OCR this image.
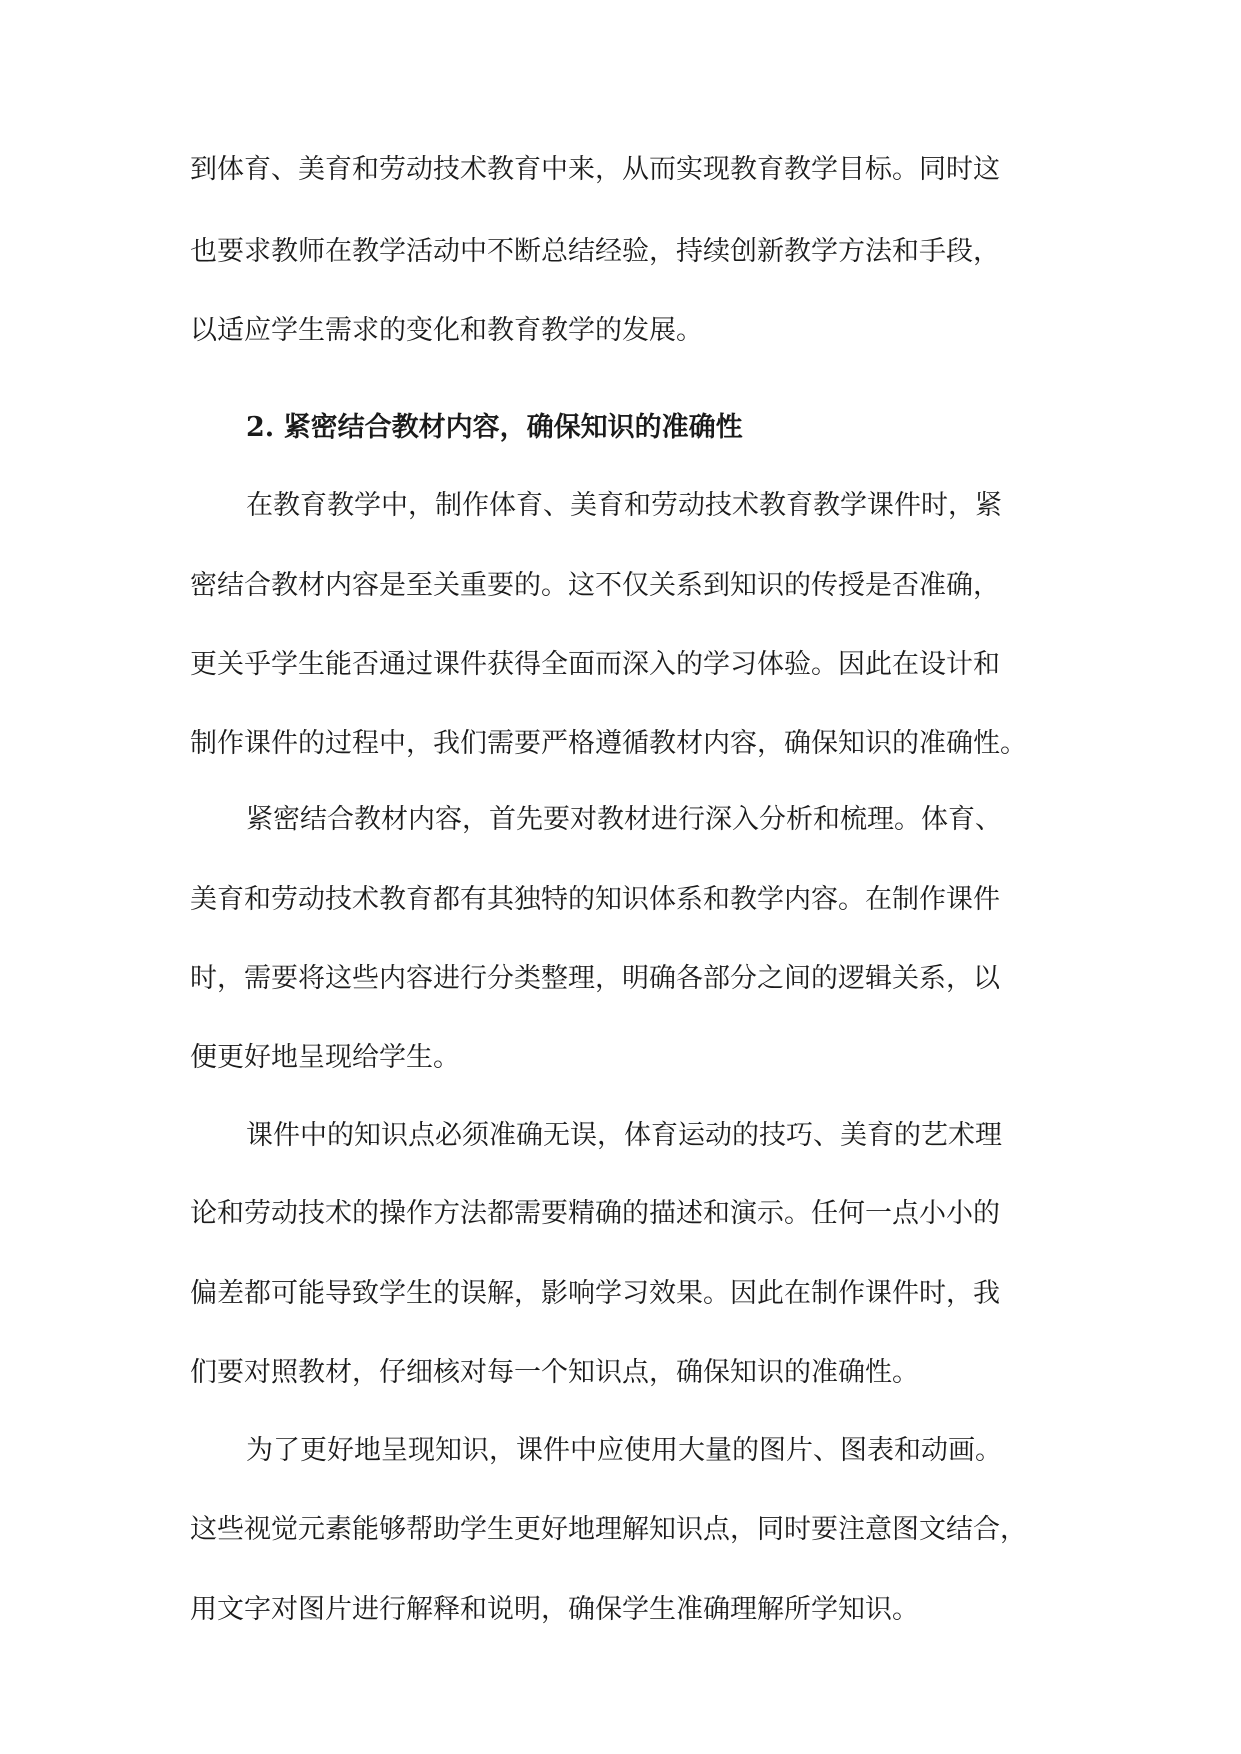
到体育、美育和劳动技术教育中来，从而实现教育教学目标。同时这
也要求教师在教学活动中不断总结经验，持续创新教学方法和手段，
以适应学生需求的变化和教育教学的发展。
2. 紧密结合教材内容，确保知识的准确性
在教育教学中，制作体育、美育和劳动技术教育教学课件时，紧
密结合教材内容是至关重要的。这不仅关系到知识的传授是否准确，
更关乎学生能否通过课件获得全面而深入的学习体验。因此在设计和
制作课件的过程中，我们需要严格遵循教材内容，确保知识的准确性。
紧密结合教材内容，首先要对教材进行深入分析和梳理。体育、
美育和劳动技术教育都有其独特的知识体系和教学内容。在制作课件
时，需要将这些内容进行分类整理，明确各部分之间的逻辑关系，以
便更好地呈现给学生。
课件中的知识点必须准确无误，体育运动的技巧、美育的艺术理
论和劳动技术的操作方法都需要精确的描述和演示。任何一点小小的
偏差都可能导致学生的误解，影响学习效果。因此在制作课件时，我
们要对照教材，仔细核对每一个知识点，确保知识的准确性。
为了更好地呈现知识，课件中应使用大量的图片、图表和动画。
这些视觉元素能够帮助学生更好地理解知识点，同时要注意图文结合，
用文字对图片进行解释和说明，确保学生准确理解所学知识。
